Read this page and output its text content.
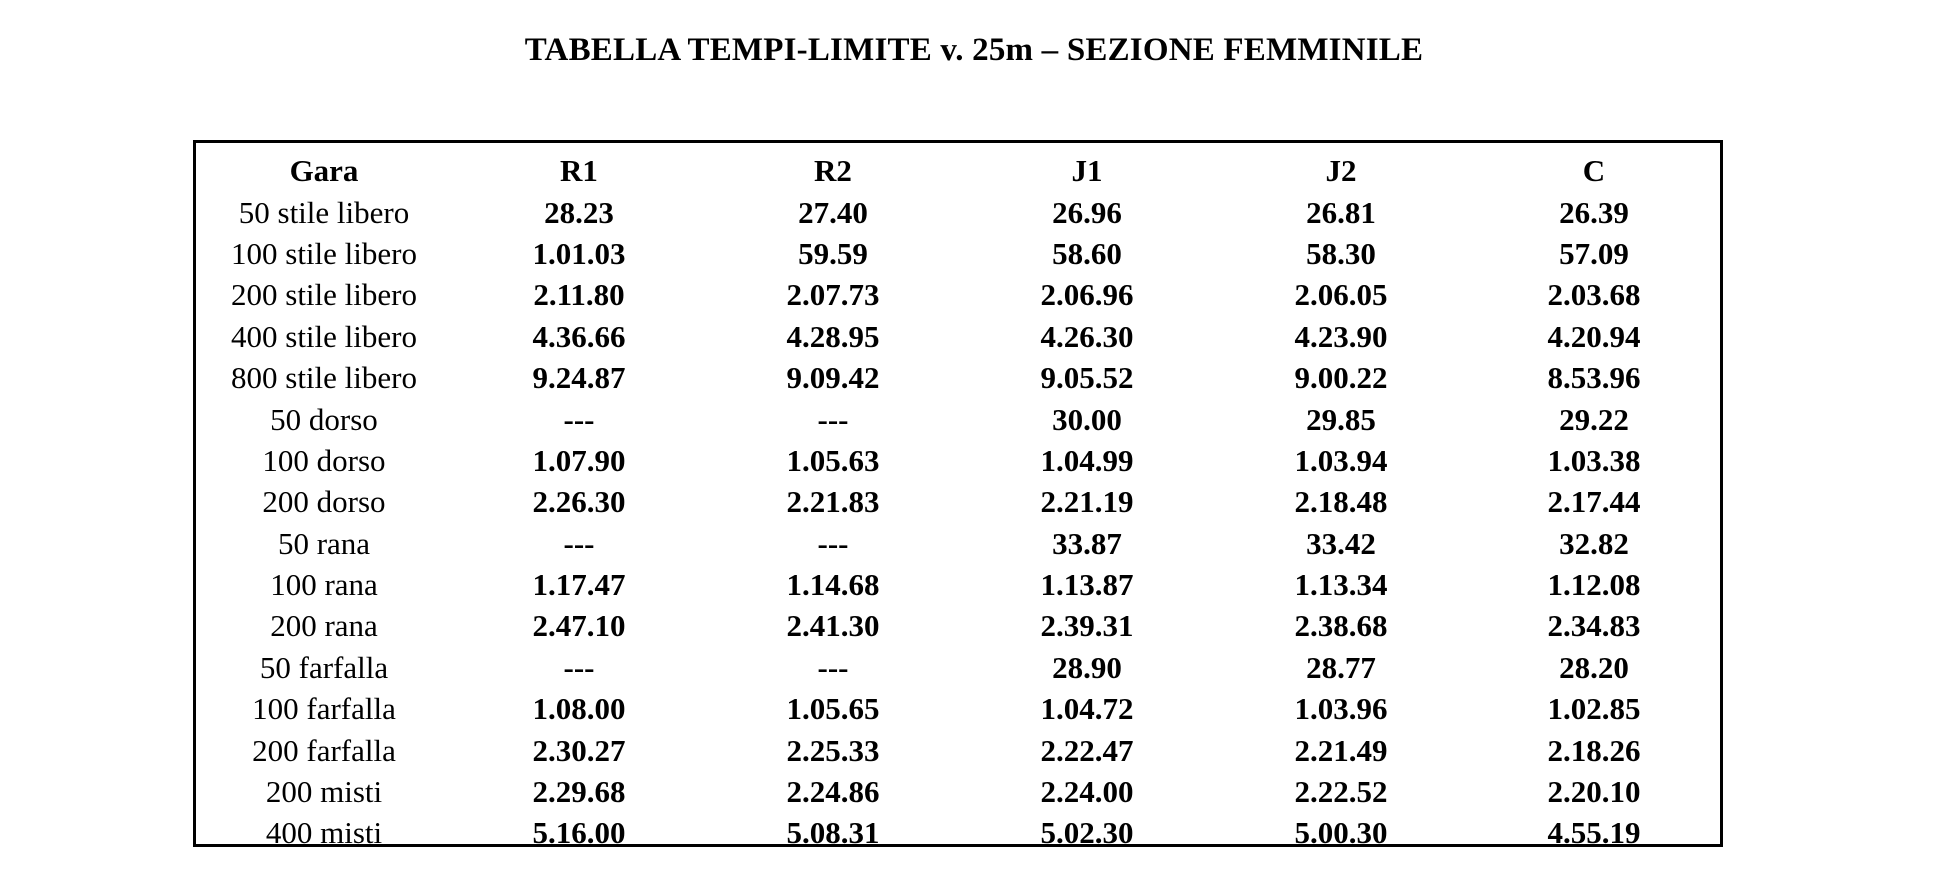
TABELLA TEMPI-LIMITE v. 25m – SEZIONE FEMMINILE
Gara	R1	R2	J1	J2	C
50 stile libero	28.23	27.40	26.96	26.81	26.39
100 stile libero	1.01.03	59.59	58.60	58.30	57.09
200 stile libero	2.11.80	2.07.73	2.06.96	2.06.05	2.03.68
400 stile libero	4.36.66	4.28.95	4.26.30	4.23.90	4.20.94
800 stile libero	9.24.87	9.09.42	9.05.52	9.00.22	8.53.96
50 dorso	---	---	30.00	29.85	29.22
100 dorso	1.07.90	1.05.63	1.04.99	1.03.94	1.03.38
200 dorso	2.26.30	2.21.83	2.21.19	2.18.48	2.17.44
50 rana	---	---	33.87	33.42	32.82
100 rana	1.17.47	1.14.68	1.13.87	1.13.34	1.12.08
200 rana	2.47.10	2.41.30	2.39.31	2.38.68	2.34.83
50 farfalla	---	---	28.90	28.77	28.20
100 farfalla	1.08.00	1.05.65	1.04.72	1.03.96	1.02.85
200 farfalla	2.30.27	2.25.33	2.22.47	2.21.49	2.18.26
200 misti	2.29.68	2.24.86	2.24.00	2.22.52	2.20.10
400 misti	5.16.00	5.08.31	5.02.30	5.00.30	4.55.19
